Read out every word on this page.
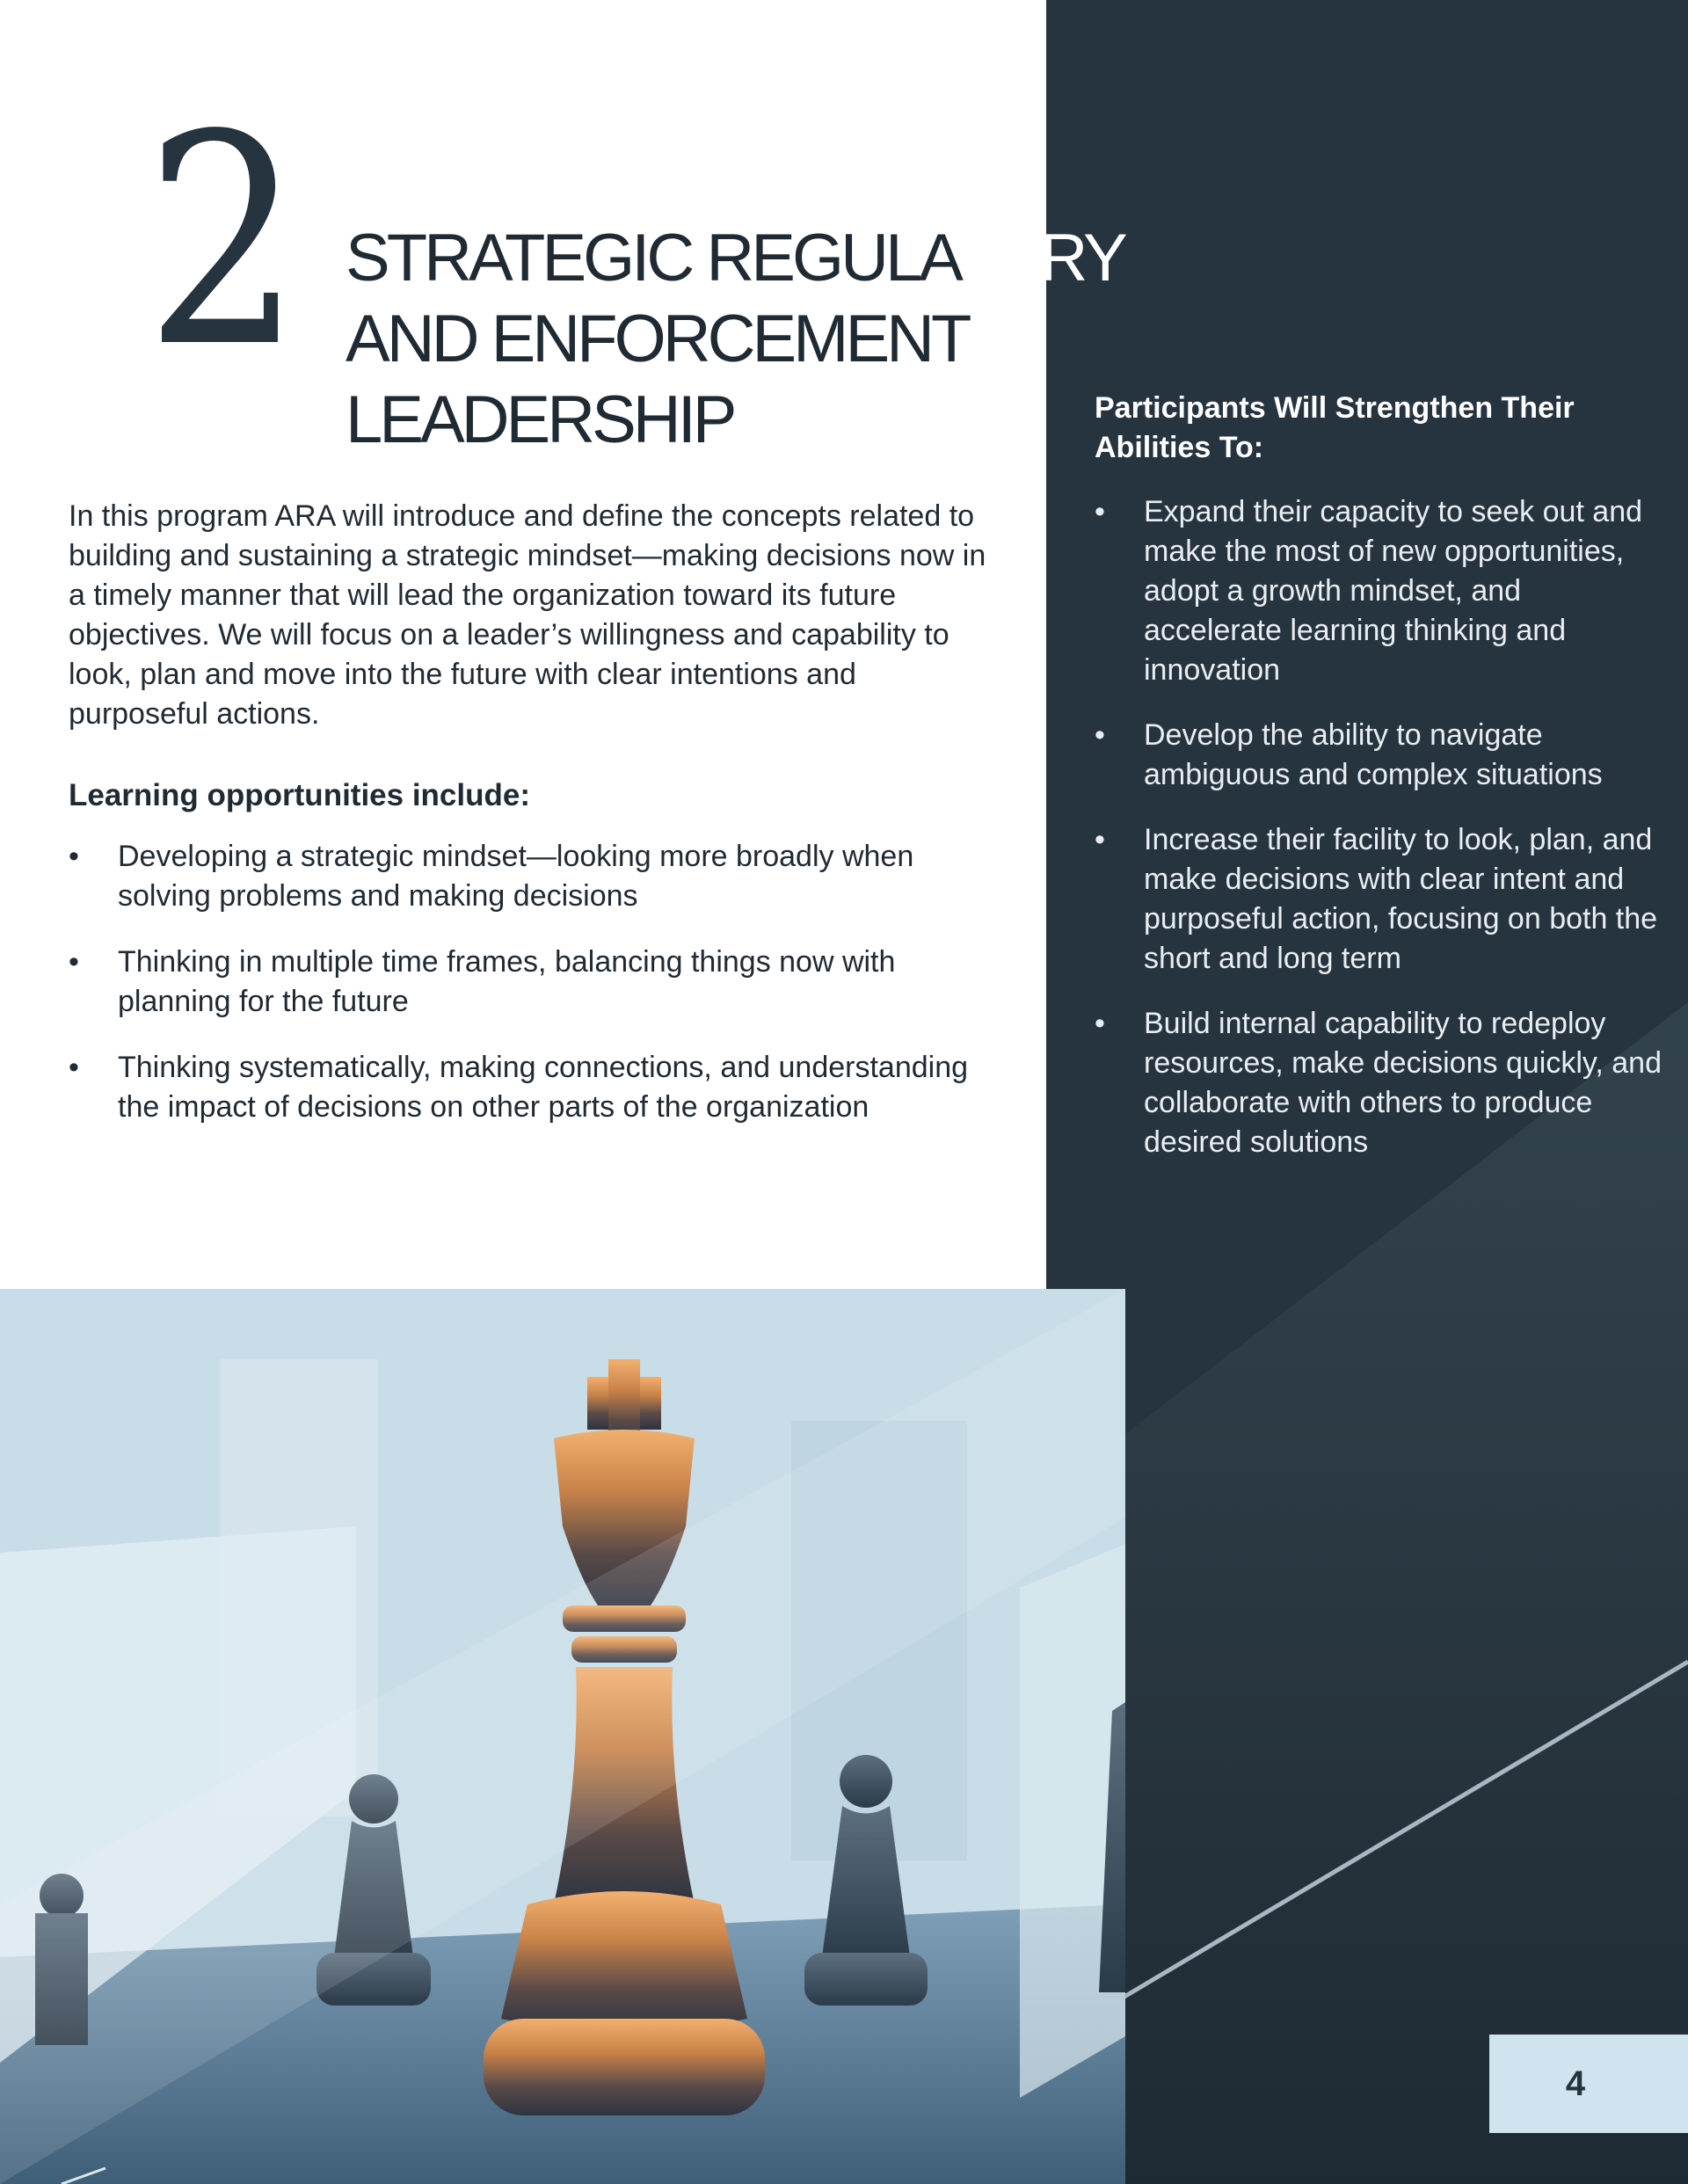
2 STRATEGIC REGULATORY
AND ENFORCEMENT
LEADERSHIP

In this program ARA will introduce and define the concepts related to building and sustaining a strategic mindset—making decisions now in a timely manner that will lead the organization toward its future objectives. We will focus on a leader’s willingness and capability to look, plan and move into the future with clear intentions and purposeful actions.

Learning opportunities include:
•	Developing a strategic mindset—looking more broadly when solving problems and making decisions
•	Thinking in multiple time frames, balancing things now with planning for the future
•	Thinking systematically, making connections, and understanding the impact of decisions on other parts of the organization
Participants Will Strengthen Their Abilities To:
•	Expand their capacity to seek out and make the most of new opportunities, adopt a growth mindset, and accelerate learning thinking and innovation
•	Develop the ability to navigate ambiguous and complex situations
•	Increase their facility to look, plan, and make decisions with clear intent and purposeful action, focusing on both the short and long term
•	Build internal capability to redeploy resources, make decisions quickly, and collaborate with others to produce desired solutions
4
